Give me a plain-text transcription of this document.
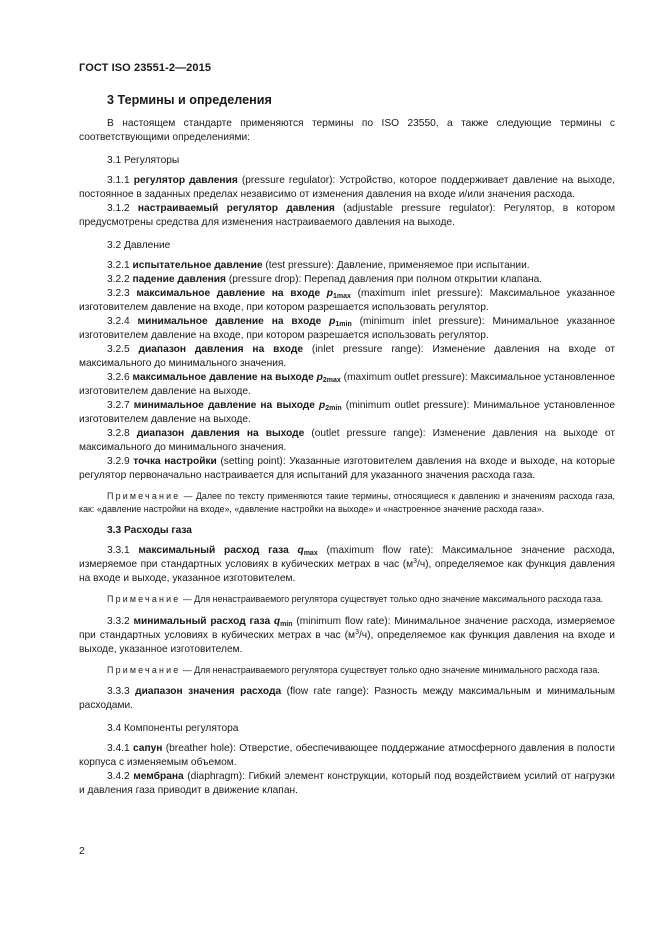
ГОСТ ISO 23551-2—2015
3 Термины и определения

В настоящем стандарте применяются термины по ISO 23550, а также следующие термины с соответствующими определениями:

3.1 Регуляторы

3.1.1 регулятор давления (pressure regulator): Устройство, которое поддерживает давление на выходе, постоянное в заданных пределах независимо от изменения давления на входе и/или значения расхода.

3.1.2 настраиваемый регулятор давления (adjustable pressure regulator): Регулятор, в котором предусмотрены средства для изменения настраиваемого давления на выходе.

3.2 Давление

3.2.1 испытательное давление (test pressure): Давление, применяемое при испытании.

3.2.2 падение давления (pressure drop): Перепад давления при полном открытии клапана.

3.2.3 максимальное давление на входе $p_{1max}$ (maximum inlet pressure): Максимальное указанное изготовителем давление на входе, при котором разрешается использовать регулятор.

3.2.4 минимальное давление на входе $p_{1min}$ (minimum inlet pressure): Минимальное указанное изготовителем давление на входе, при котором разрешается использовать регулятор.

3.2.5 диапазон давления на входе (inlet pressure range): Изменение давления на входе от максимального до минимального значения.

3.2.6 максимальное давление на выходе $p_{2max}$ (maximum outlet pressure): Максимальное установленное изготовителем давление на выходе.

3.2.7 минимальное давление на выходе $p_{2min}$ (minimum outlet pressure): Минимальное установленное изготовителем давление на выходе.

3.2.8 диапазон давления на выходе (outlet pressure range): Изменение давления на выходе от максимального до минимального значения.

3.2.9 точка настройки (setting point): Указанные изготовителем давления на входе и выходе, на которые регулятор первоначально настраивается для испытаний для указанного значения расхода газа.

Примечание — Далее по тексту применяются такие термины, относящиеся к давлению и значениям расхода газа, как: «давление настройки на входе», «давление настройки на выходе» и «настроенное значение расхода газа».

3.3 Расходы газа

3.3.1 максимальный расход газа $q_{max}$ (maximum flow rate): Максимальное значение расхода, измеряемое при стандартных условиях в кубических метрах в час $(м^3/ч)$, определяемое как функция давления на входе и выходе, указанное изготовителем.

Примечание — Для ненастраиваемого регулятора существует только одно значение максимального расхода газа.

3.3.2 минимальный расход газа $q_{min}$ (minimum flow rate): Минимальное значение расхода, измеряемое при стандартных условиях в кубических метрах в час $(м^3/ч)$, определяемое как функция давления на входе и выходе, указанное изготовителем.

Примечание — Для ненастраиваемого регулятора существует только одно значение минимального расхода газа.

3.3.3 диапазон значения расхода (flow rate range): Разность между максимальным и минимальным расходами.

3.4 Компоненты регулятора

3.4.1 сапун (breather hole): Отверстие, обеспечивающее поддержание атмосферного давления в полости корпуса с изменяемым объемом.

3.4.2 мембрана (diaphragm): Гибкий элемент конструкции, который под воздействием усилий от нагрузки и давления газа приводит в движение клапан.

2
